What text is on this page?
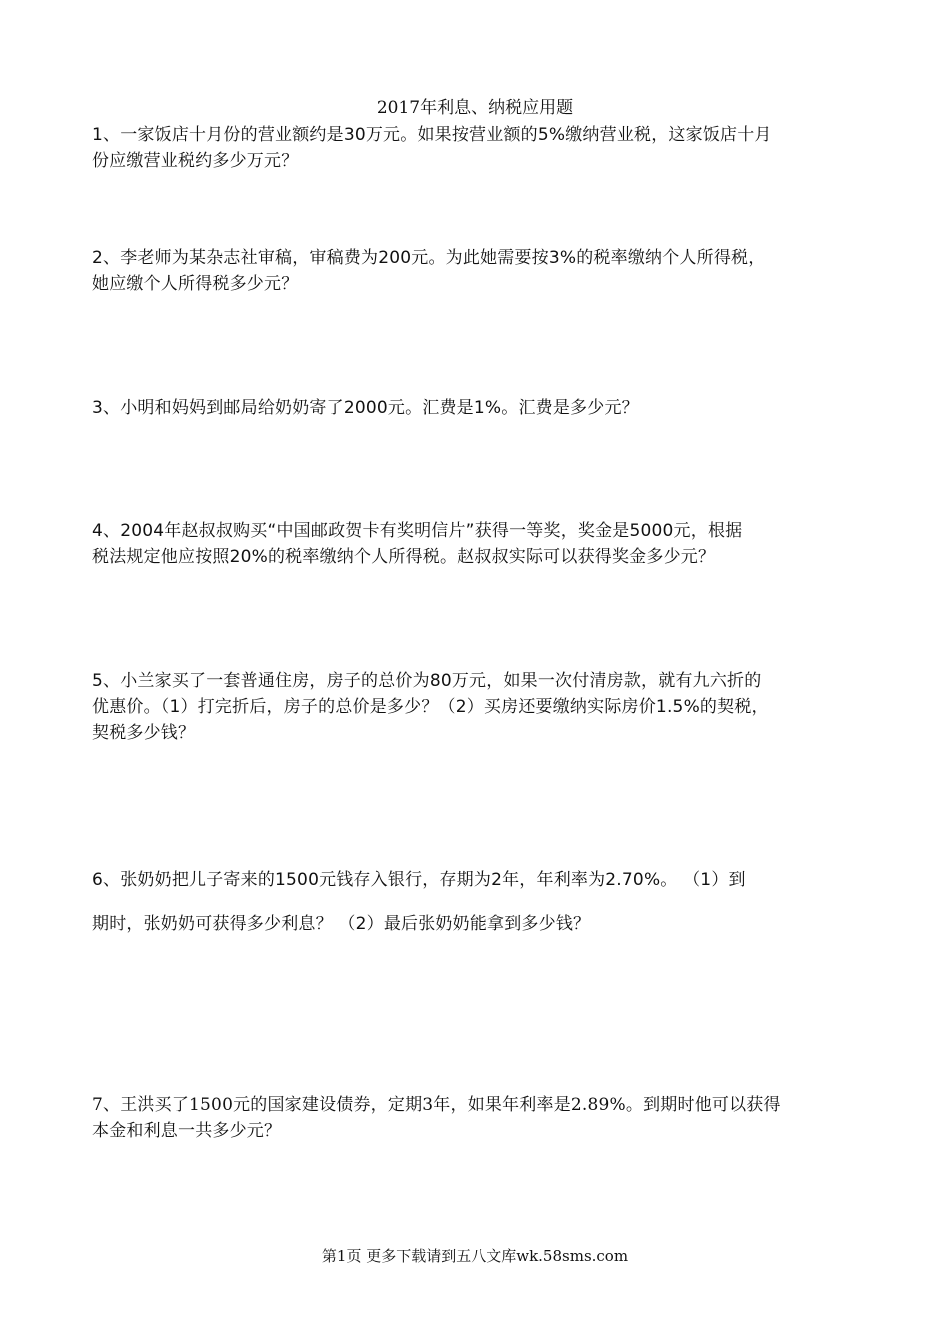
2017年利息、纳税应用题
1、一家饭店十月份的营业额约是30万元。如果按营业额的5%缴纳营业税，这家饭店十月
份应缴营业税约多少万元？
2、李老师为某杂志社审稿，审稿费为200元。为此她需要按3%的税率缴纳个人所得税，
她应缴个人所得税多少元？
3、小明和妈妈到邮局给奶奶寄了2000元。汇费是1%。汇费是多少元？
4、2004年赵叔叔购买“中国邮政贺卡有奖明信片”获得一等奖，奖金是5000元，根据
税法规定他应按照20%的税率缴纳个人所得税。赵叔叔实际可以获得奖金多少元？
5、小兰家买了一套普通住房，房子的总价为80万元，如果一次付清房款，就有九六折的
优惠价。（1）打完折后，房子的总价是多少？（2）买房还要缴纳实际房价1.5%的契税，
契税多少钱？
6、张奶奶把儿子寄来的1500元钱存入银行，存期为2年，年利率为2.70%。 （1）到
期时，张奶奶可获得多少利息？ （2）最后张奶奶能拿到多少钱？
7、王洪买了1500元的国家建设债券，定期3年，如果年利率是2.89%。到期时他可以获得
本金和利息一共多少元？
第1页 更多下载请到五八文库wk.58sms.com
